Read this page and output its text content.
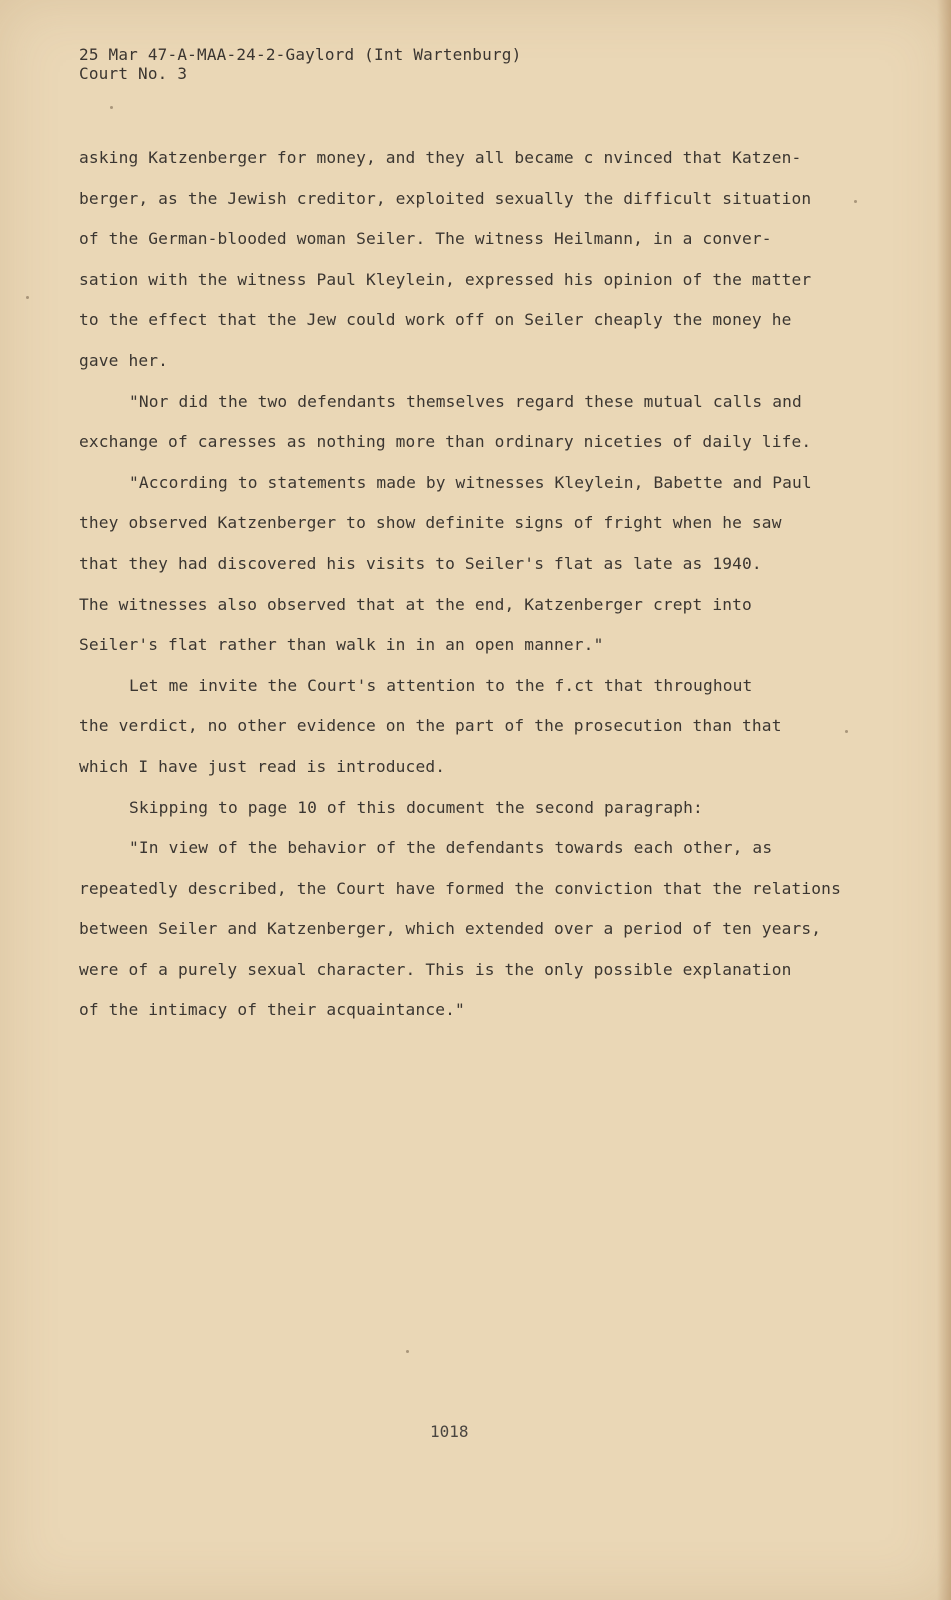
25 Mar 47-A-MAA-24-2-Gaylord (Int Wartenburg)
Court No. 3
asking Katzenberger for money, and they all became c nvinced that Katzen-
berger, as the Jewish creditor, exploited sexually the difficult situation
of the German-blooded woman Seiler. The witness Heilmann, in a conver-
sation with the witness Paul Kleylein, expressed his opinion of the matter
to the effect that the Jew could work off on Seiler cheaply the money he
gave her.
"Nor did the two defendants themselves regard these mutual calls and
exchange of caresses as nothing more than ordinary niceties of daily life.
"According to statements made by witnesses Kleylein, Babette and Paul
they observed Katzenberger to show definite signs of fright when he saw
that they had discovered his visits to Seiler's flat as late as 1940.
The witnesses also observed that at the end, Katzenberger crept into
Seiler's flat rather than walk in in an open manner."
Let me invite the Court's attention to the f.ct that throughout
the verdict, no other evidence on the part of the prosecution than that
which I have just read is introduced.
Skipping to page 10 of this document the second paragraph:
"In view of the behavior of the defendants towards each other, as
repeatedly described, the Court have formed the conviction that the relations
between Seiler and Katzenberger, which extended over a period of ten years,
were of a purely sexual character. This is the only possible explanation
of the intimacy of their acquaintance."
1018
